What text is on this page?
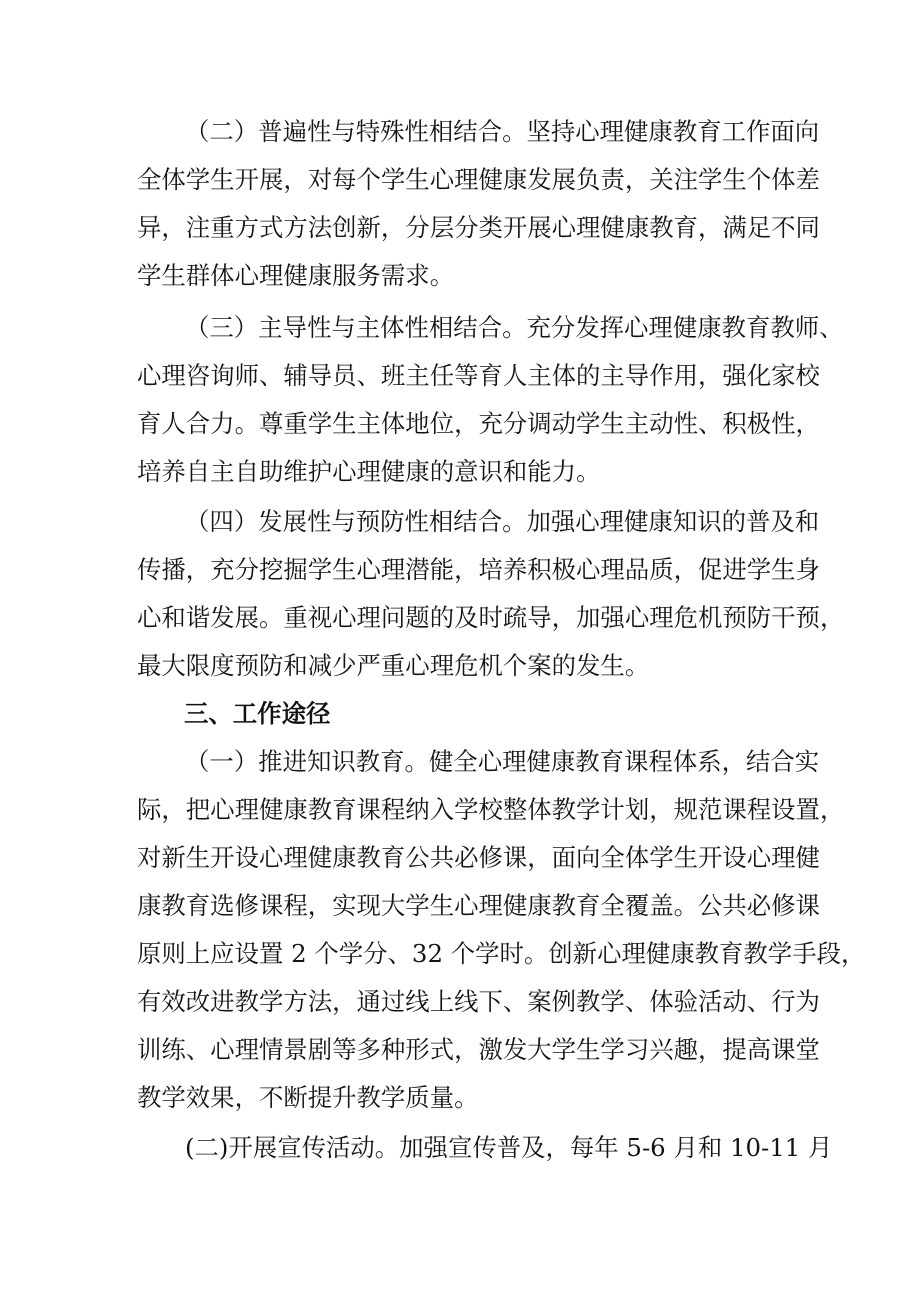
（二）普遍性与特殊性相结合。坚持心理健康教育工作面向
全体学生开展，对每个学生心理健康发展负责，关注学生个体差
异，注重方式方法创新，分层分类开展心理健康教育，满足不同
学生群体心理健康服务需求。
（三）主导性与主体性相结合。充分发挥心理健康教育教师、
心理咨询师、辅导员、班主任等育人主体的主导作用，强化家校
育人合力。尊重学生主体地位，充分调动学生主动性、积极性，
培养自主自助维护心理健康的意识和能力。
（四）发展性与预防性相结合。加强心理健康知识的普及和
传播，充分挖掘学生心理潜能，培养积极心理品质，促进学生身
心和谐发展。重视心理问题的及时疏导，加强心理危机预防干预，
最大限度预防和减少严重心理危机个案的发生。
三、工作途径
（一）推进知识教育。健全心理健康教育课程体系，结合实
际，把心理健康教育课程纳入学校整体教学计划，规范课程设置，
对新生开设心理健康教育公共必修课，面向全体学生开设心理健
康教育选修课程，实现大学生心理健康教育全覆盖。公共必修课
原则上应设置 2 个学分、32 个学时。创新心理健康教育教学手段，
有效改进教学方法，通过线上线下、案例教学、体验活动、行为
训练、心理情景剧等多种形式，激发大学生学习兴趣，提高课堂
教学效果，不断提升教学质量。
(二)开展宣传活动。加强宣传普及，每年 5-6 月和 10-11 月
